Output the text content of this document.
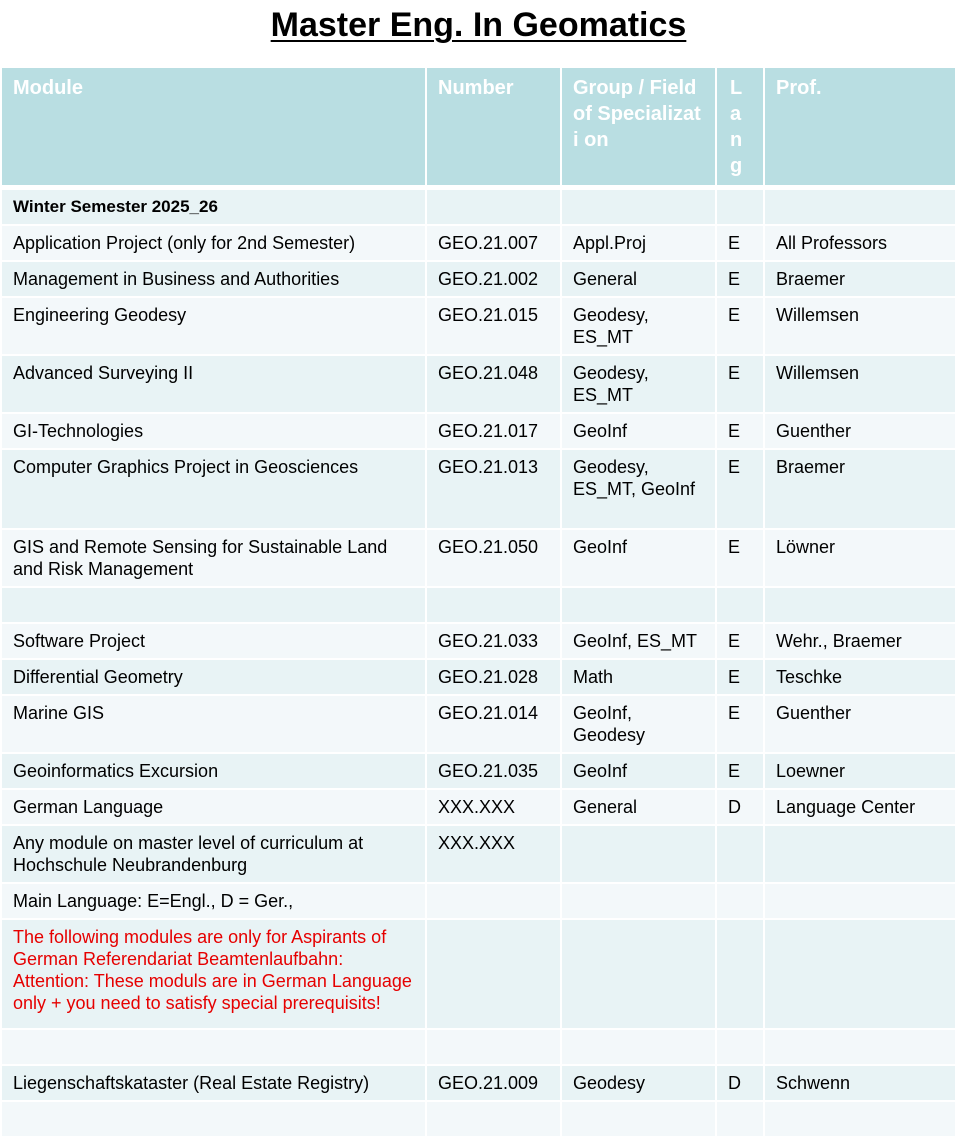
Master Eng. In Geomatics
Module	Number	Group / Field of Specializati on	L a n g	Prof.
Winter Semester 2025_26				
Application Project (only for 2nd Semester)	GEO.21.007	Appl.Proj	E	All Professors
Management in Business and Authorities	GEO.21.002	General	E	Braemer
Engineering Geodesy	GEO.21.015	Geodesy, ES_MT	E	Willemsen
Advanced Surveying II	GEO.21.048	Geodesy, ES_MT	E	Willemsen
GI-Technologies	GEO.21.017	GeoInf	E	Guenther
Computer Graphics Project in Geosciences	GEO.21.013	Geodesy, ES_MT, GeoInf	E	Braemer
GIS and Remote Sensing for Sustainable Land and Risk Management	GEO.21.050	GeoInf	E	Löwner

Software Project	GEO.21.033	GeoInf, ES_MT	E	Wehr., Braemer
Differential Geometry	GEO.21.028	Math	E	Teschke
Marine GIS	GEO.21.014	GeoInf, Geodesy	E	Guenther
Geoinformatics Excursion	GEO.21.035	GeoInf	E	Loewner
German Language	XXX.XXX	General	D	Language Center
Any module on master level of curriculum at Hochschule Neubrandenburg	XXX.XXX			
Main Language: E=Engl., D = Ger.,				
The following modules are only for Aspirants of German Referendariat Beamtenlaufbahn: Attention: These moduls are in German Language only + you need to satisfy special prerequisits!				

Liegenschaftskataster (Real Estate Registry)	GEO.21.009	Geodesy	D	Schwenn
